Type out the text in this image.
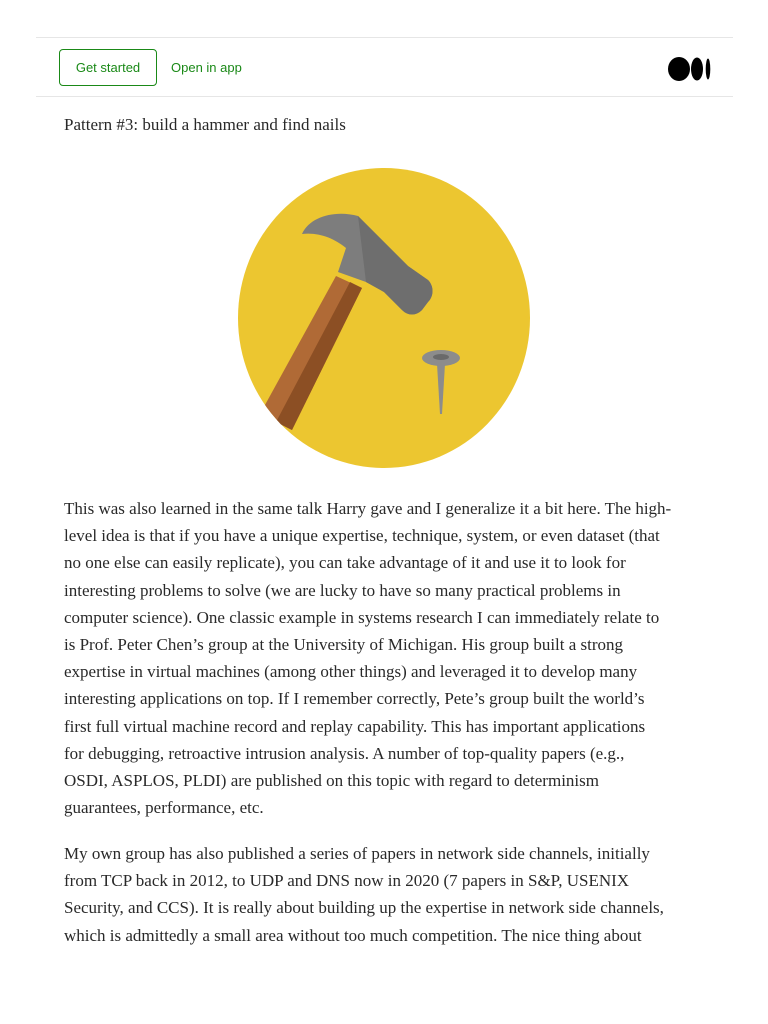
Get started	Open in app
Pattern #3: build a hammer and find nails
This was also learned in the same talk Harry gave and I generalize it a bit here. The high-
level idea is that if you have a unique expertise, technique, system, or even dataset (that
no one else can easily replicate), you can take advantage of it and use it to look for
interesting problems to solve (we are lucky to have so many practical problems in
computer science). One classic example in systems research I can immediately relate to
is Prof. Peter Chen’s group at the University of Michigan. His group built a strong
expertise in virtual machines (among other things) and leveraged it to develop many
interesting applications on top. If I remember correctly, Pete’s group built the world’s
first full virtual machine record and replay capability. This has important applications
for debugging, retroactive intrusion analysis. A number of top-quality papers (e.g.,
OSDI, ASPLOS, PLDI) are published on this topic with regard to determinism
guarantees, performance, etc.
My own group has also published a series of papers in network side channels, initially
from TCP back in 2012, to UDP and DNS now in 2020 (7 papers in S&P, USENIX
Security, and CCS). It is really about building up the expertise in network side channels,
which is admittedly a small area without too much competition. The nice thing about
